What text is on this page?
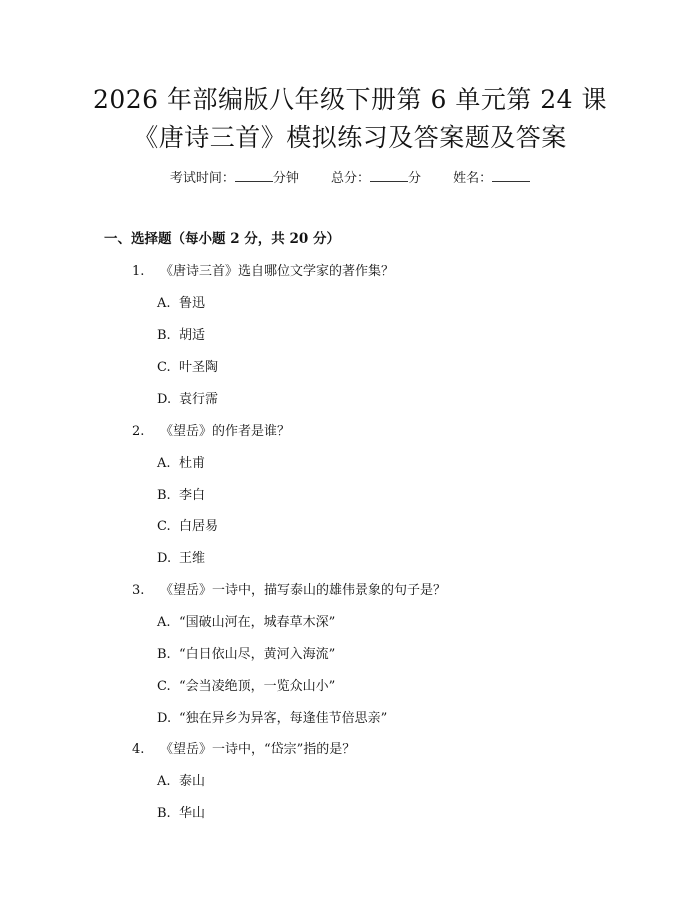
2026 年部编版八年级下册第 6 单元第 24 课
《唐诗三首》模拟练习及答案题及答案
考试时间：	分钟 总分：	分 姓名：
一、选择题（每小题 2 分，共 20 分）
1. 《唐诗三首》选自哪位文学家的著作集？
A. 鲁迅
B. 胡适
C. 叶圣陶
D. 袁行霈
2. 《望岳》的作者是谁？
A. 杜甫
B. 李白
C. 白居易
D. 王维
3. 《望岳》一诗中，描写泰山的雄伟景象的句子是？
A. “国破山河在，城春草木深”
B. “白日依山尽，黄河入海流”
C. “会当凌绝顶，一览众山小”
D. “独在异乡为异客，每逢佳节倍思亲”
4. 《望岳》一诗中，“岱宗”指的是？
A. 泰山
B. 华山
